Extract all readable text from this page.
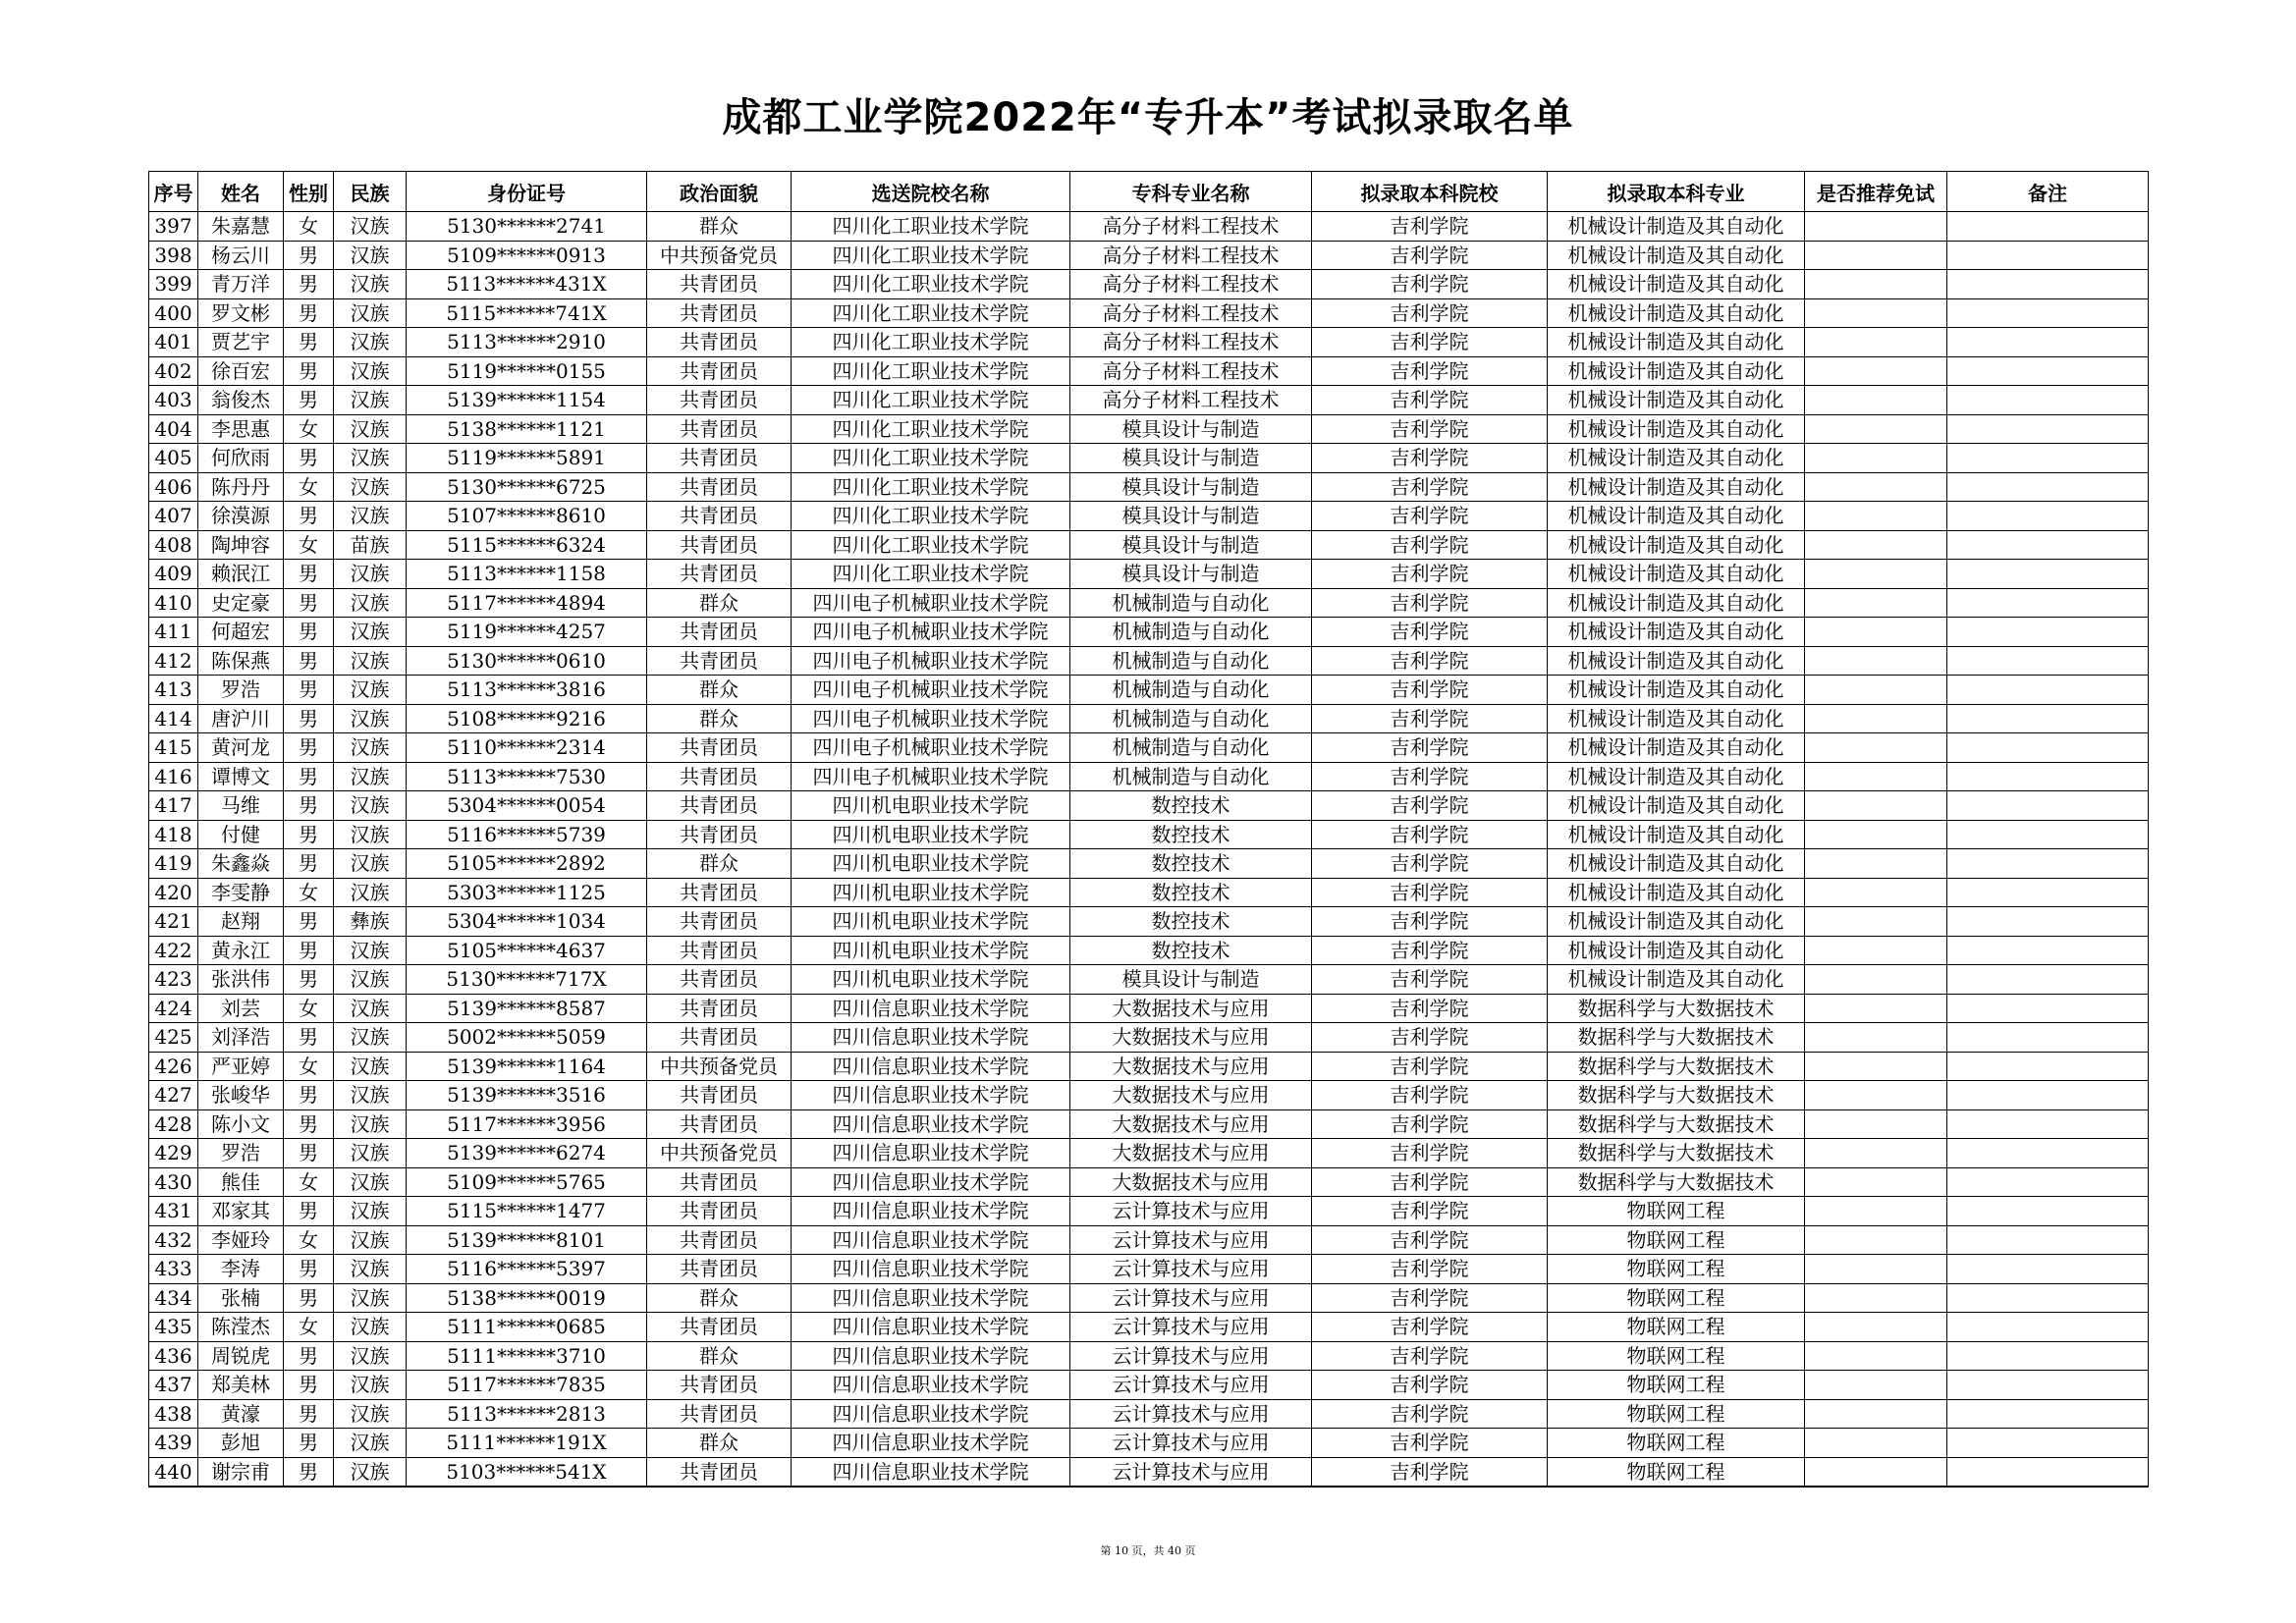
成都工业学院2022年“专升本”考试拟录取名单
序号	姓名	性别	民族	身份证号	政治面貌	选送院校名称	专科专业名称	拟录取本科院校	拟录取本科专业	是否推荐免试	备注
397	朱嘉慧	女	汉族	5130******2741	群众	四川化工职业技术学院	高分子材料工程技术	吉利学院	机械设计制造及其自动化		
398	杨云川	男	汉族	5109******0913	中共预备党员	四川化工职业技术学院	高分子材料工程技术	吉利学院	机械设计制造及其自动化		
399	青万洋	男	汉族	5113******431X	共青团员	四川化工职业技术学院	高分子材料工程技术	吉利学院	机械设计制造及其自动化		
400	罗文彬	男	汉族	5115******741X	共青团员	四川化工职业技术学院	高分子材料工程技术	吉利学院	机械设计制造及其自动化		
401	贾艺宇	男	汉族	5113******2910	共青团员	四川化工职业技术学院	高分子材料工程技术	吉利学院	机械设计制造及其自动化		
402	徐百宏	男	汉族	5119******0155	共青团员	四川化工职业技术学院	高分子材料工程技术	吉利学院	机械设计制造及其自动化		
403	翁俊杰	男	汉族	5139******1154	共青团员	四川化工职业技术学院	高分子材料工程技术	吉利学院	机械设计制造及其自动化		
404	李思惠	女	汉族	5138******1121	共青团员	四川化工职业技术学院	模具设计与制造	吉利学院	机械设计制造及其自动化		
405	何欣雨	男	汉族	5119******5891	共青团员	四川化工职业技术学院	模具设计与制造	吉利学院	机械设计制造及其自动化		
406	陈丹丹	女	汉族	5130******6725	共青团员	四川化工职业技术学院	模具设计与制造	吉利学院	机械设计制造及其自动化		
407	徐漠源	男	汉族	5107******8610	共青团员	四川化工职业技术学院	模具设计与制造	吉利学院	机械设计制造及其自动化		
408	陶坤容	女	苗族	5115******6324	共青团员	四川化工职业技术学院	模具设计与制造	吉利学院	机械设计制造及其自动化		
409	赖泯江	男	汉族	5113******1158	共青团员	四川化工职业技术学院	模具设计与制造	吉利学院	机械设计制造及其自动化		
410	史定豪	男	汉族	5117******4894	群众	四川电子机械职业技术学院	机械制造与自动化	吉利学院	机械设计制造及其自动化		
411	何超宏	男	汉族	5119******4257	共青团员	四川电子机械职业技术学院	机械制造与自动化	吉利学院	机械设计制造及其自动化		
412	陈保燕	男	汉族	5130******0610	共青团员	四川电子机械职业技术学院	机械制造与自动化	吉利学院	机械设计制造及其自动化		
413	罗浩	男	汉族	5113******3816	群众	四川电子机械职业技术学院	机械制造与自动化	吉利学院	机械设计制造及其自动化		
414	唐沪川	男	汉族	5108******9216	群众	四川电子机械职业技术学院	机械制造与自动化	吉利学院	机械设计制造及其自动化		
415	黄河龙	男	汉族	5110******2314	共青团员	四川电子机械职业技术学院	机械制造与自动化	吉利学院	机械设计制造及其自动化		
416	谭博文	男	汉族	5113******7530	共青团员	四川电子机械职业技术学院	机械制造与自动化	吉利学院	机械设计制造及其自动化		
417	马维	男	汉族	5304******0054	共青团员	四川机电职业技术学院	数控技术	吉利学院	机械设计制造及其自动化		
418	付健	男	汉族	5116******5739	共青团员	四川机电职业技术学院	数控技术	吉利学院	机械设计制造及其自动化		
419	朱鑫焱	男	汉族	5105******2892	群众	四川机电职业技术学院	数控技术	吉利学院	机械设计制造及其自动化		
420	李雯静	女	汉族	5303******1125	共青团员	四川机电职业技术学院	数控技术	吉利学院	机械设计制造及其自动化		
421	赵翔	男	彝族	5304******1034	共青团员	四川机电职业技术学院	数控技术	吉利学院	机械设计制造及其自动化		
422	黄永江	男	汉族	5105******4637	共青团员	四川机电职业技术学院	数控技术	吉利学院	机械设计制造及其自动化		
423	张洪伟	男	汉族	5130******717X	共青团员	四川机电职业技术学院	模具设计与制造	吉利学院	机械设计制造及其自动化		
424	刘芸	女	汉族	5139******8587	共青团员	四川信息职业技术学院	大数据技术与应用	吉利学院	数据科学与大数据技术		
425	刘泽浩	男	汉族	5002******5059	共青团员	四川信息职业技术学院	大数据技术与应用	吉利学院	数据科学与大数据技术		
426	严亚婷	女	汉族	5139******1164	中共预备党员	四川信息职业技术学院	大数据技术与应用	吉利学院	数据科学与大数据技术		
427	张峻华	男	汉族	5139******3516	共青团员	四川信息职业技术学院	大数据技术与应用	吉利学院	数据科学与大数据技术		
428	陈小文	男	汉族	5117******3956	共青团员	四川信息职业技术学院	大数据技术与应用	吉利学院	数据科学与大数据技术		
429	罗浩	男	汉族	5139******6274	中共预备党员	四川信息职业技术学院	大数据技术与应用	吉利学院	数据科学与大数据技术		
430	熊佳	女	汉族	5109******5765	共青团员	四川信息职业技术学院	大数据技术与应用	吉利学院	数据科学与大数据技术		
431	邓家其	男	汉族	5115******1477	共青团员	四川信息职业技术学院	云计算技术与应用	吉利学院	物联网工程		
432	李娅玲	女	汉族	5139******8101	共青团员	四川信息职业技术学院	云计算技术与应用	吉利学院	物联网工程		
433	李涛	男	汉族	5116******5397	共青团员	四川信息职业技术学院	云计算技术与应用	吉利学院	物联网工程		
434	张楠	男	汉族	5138******0019	群众	四川信息职业技术学院	云计算技术与应用	吉利学院	物联网工程		
435	陈滢杰	女	汉族	5111******0685	共青团员	四川信息职业技术学院	云计算技术与应用	吉利学院	物联网工程		
436	周锐虎	男	汉族	5111******3710	群众	四川信息职业技术学院	云计算技术与应用	吉利学院	物联网工程		
437	郑美林	男	汉族	5117******7835	共青团员	四川信息职业技术学院	云计算技术与应用	吉利学院	物联网工程		
438	黄濠	男	汉族	5113******2813	共青团员	四川信息职业技术学院	云计算技术与应用	吉利学院	物联网工程		
439	彭旭	男	汉族	5111******191X	群众	四川信息职业技术学院	云计算技术与应用	吉利学院	物联网工程		
440	谢宗甫	男	汉族	5103******541X	共青团员	四川信息职业技术学院	云计算技术与应用	吉利学院	物联网工程		
第 10 页，共 40 页
